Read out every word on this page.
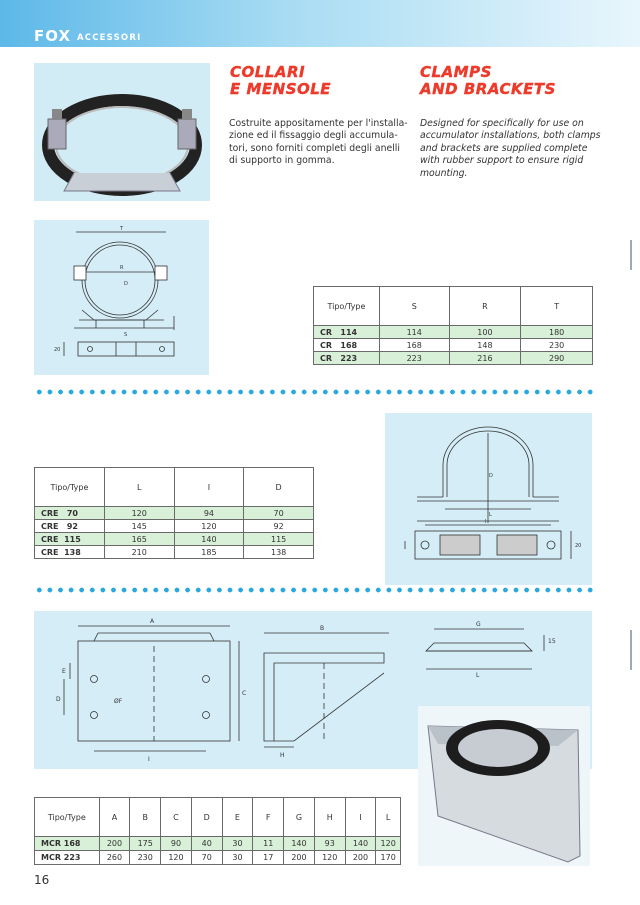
FOX ACCESSORI
COLLARI
E MENSOLE
CLAMPS
AND BRACKETS
Costruite appositamente per l'installa-
zione ed il fissaggio degli accumula-
tori, sono forniti completi degli anelli
di supporto in gomma.
Designed for specifically for use on
accumulator installations, both clamps
and brackets are supplied complete
with rubber support to ensure rigid
mounting.
T
R
S
20
D
Tipo/Type	S	R	T
CR   114	114	100	180
CR   168	168	148	230
CR   223	223	216	290
D
L
I
20
Tipo/Type	L	I	D
CRE   70	120	94	70
CRE   92	145	120	92
CRE  115	165	140	115
CRE  138	210	185	138
A
B
C
D
E
ØF
G
H
I
L
15
Tipo/Type	A	B	C	D	E	F	G	H	I	L
MCR 168	200	175	90	40	30	11	140	93	140	120
MCR 223	260	230	120	70	30	17	200	120	200	170
16
